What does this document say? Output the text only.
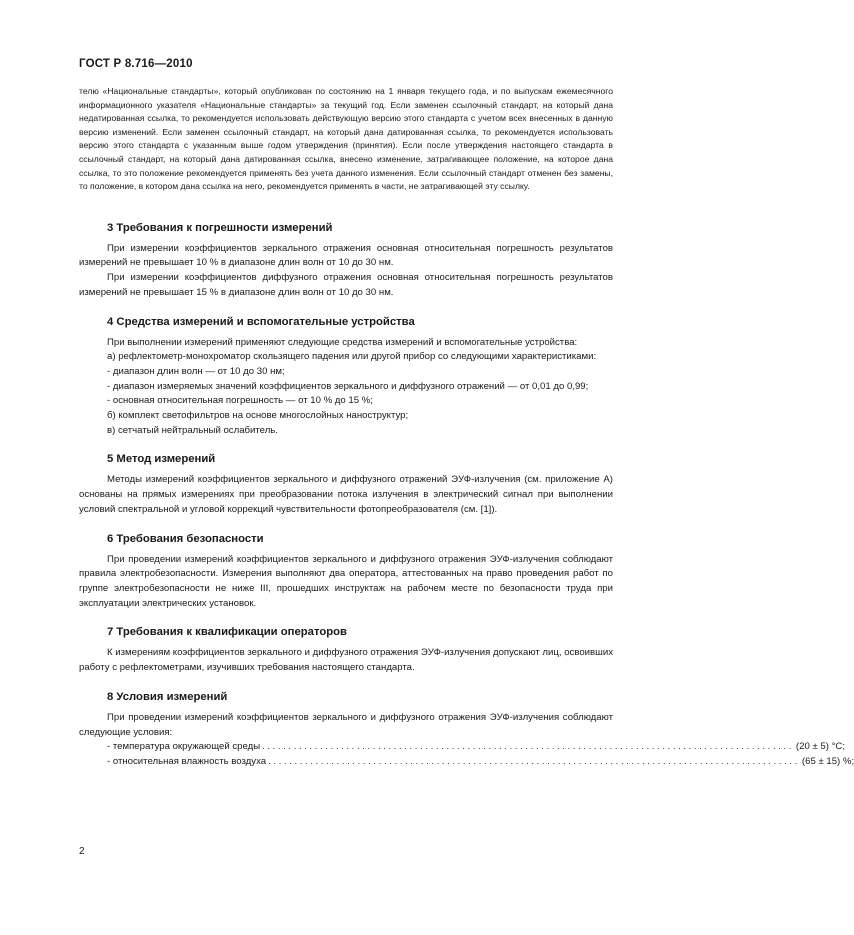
ГОСТ Р 8.716—2010

телю «Национальные стандарты», который опубликован по состоянию на 1 января текущего года, и по выпускам ежемесячного информационного указателя «Национальные стандарты» за текущий год. Если заменен ссылочный стандарт, на который дана недатированная ссылка, то рекомендуется использовать действующую версию этого стандарта с учетом всех внесенных в данную версию изменений. Если заменен ссылочный стандарт, на который дана датированная ссылка, то рекомендуется использовать версию этого стандарта с указанным выше годом утверждения (принятия). Если после утверждения настоящего стандарта в ссылочный стандарт, на который дана датированная ссылка, внесено изменение, затрагивающее положение, на которое дана ссылка, то это положение рекомендуется применять без учета данного изменения. Если ссылочный стандарт отменен без замены, то положение, в котором дана ссылка на него, рекомендуется применять в части, не затрагивающей эту ссылку.

3 Требования к погрешности измерений

При измерении коэффициентов зеркального отражения основная относительная погрешность результатов измерений не превышает 10 % в диапазоне длин волн от 10 до 30 нм.

При измерении коэффициентов диффузного отражения основная относительная погрешность результатов измерений не превышает 15 % в диапазоне длин волн от 10 до 30 нм.

4 Средства измерений и вспомогательные устройства

При выполнении измерений применяют следующие средства измерений и вспомогательные устройства:

а) рефлектометр-монохроматор скользящего падения или другой прибор со следующими характеристиками:

- диапазон длин волн — от 10 до 30 нм;

- диапазон измеряемых значений коэффициентов зеркального и диффузного отражений — от 0,01 до 0,99;

- основная относительная погрешность — от 10 % до 15 %;

б) комплект светофильтров на основе многослойных наноструктур;

в) сетчатый нейтральный ослабитель.

5 Метод измерений

Методы измерений коэффициентов зеркального и диффузного отражений ЭУФ-излучения (см. приложение А) основаны на прямых измерениях при преобразовании потока излучения в электрический сигнал при выполнении условий спектральной и угловой коррекций чувствительности фотопреобразователя (см. [1]).

6 Требования безопасности

При проведении измерений коэффициентов зеркального и диффузного отражения ЭУФ-излучения соблюдают правила электробезопасности. Измерения выполняют два оператора, аттестованных на право проведения работ по группе электробезопасности не ниже III, прошедших инструктаж на рабочем месте по безопасности труда при эксплуатации электрических установок.

7 Требования к квалификации операторов

К измерениям коэффициентов зеркального и диффузного отражения ЭУФ-излучения допускают лиц, освоивших работу с рефлектометрами, изучивших требования настоящего стандарта.

8 Условия измерений

При проведении измерений коэффициентов зеркального и диффузного отражения ЭУФ-излучения соблюдают следующие условия:

- температура окружающей среды ..................................................................................................... (20 ± 5) °С;
- относительная влажность воздуха ..................................................................................................... (65 ± 15) %;
2
